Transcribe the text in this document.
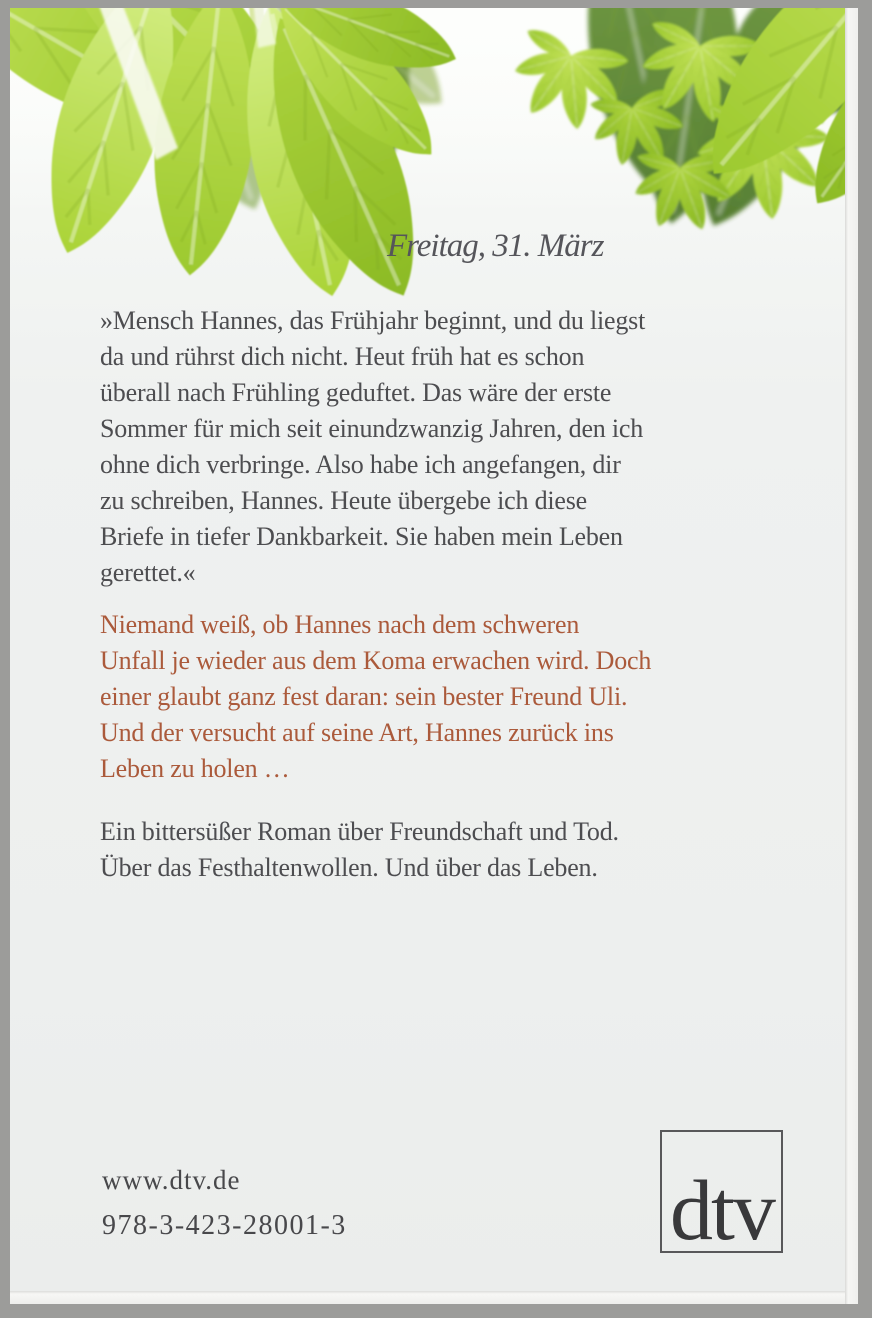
Freitag, 31. März
»Mensch Hannes, das Frühjahr beginnt, und du liegst
da und rührst dich nicht. Heut früh hat es schon
überall nach Frühling geduftet. Das wäre der erste
Sommer für mich seit einundzwanzig Jahren, den ich
ohne dich verbringe. Also habe ich angefangen, dir
zu schreiben, Hannes. Heute übergebe ich diese
Briefe in tiefer Dankbarkeit. Sie haben mein Leben
gerettet.«
Niemand weiß, ob Hannes nach dem schweren
Unfall je wieder aus dem Koma erwachen wird. Doch
einer glaubt ganz fest daran: sein bester Freund Uli.
Und der versucht auf seine Art, Hannes zurück ins
Leben zu holen …
Ein bittersüßer Roman über Freundschaft und Tod.
Über das Festhaltenwollen. Und über das Leben.
www.dtv.de
978-3-423-28001-3	dtv
